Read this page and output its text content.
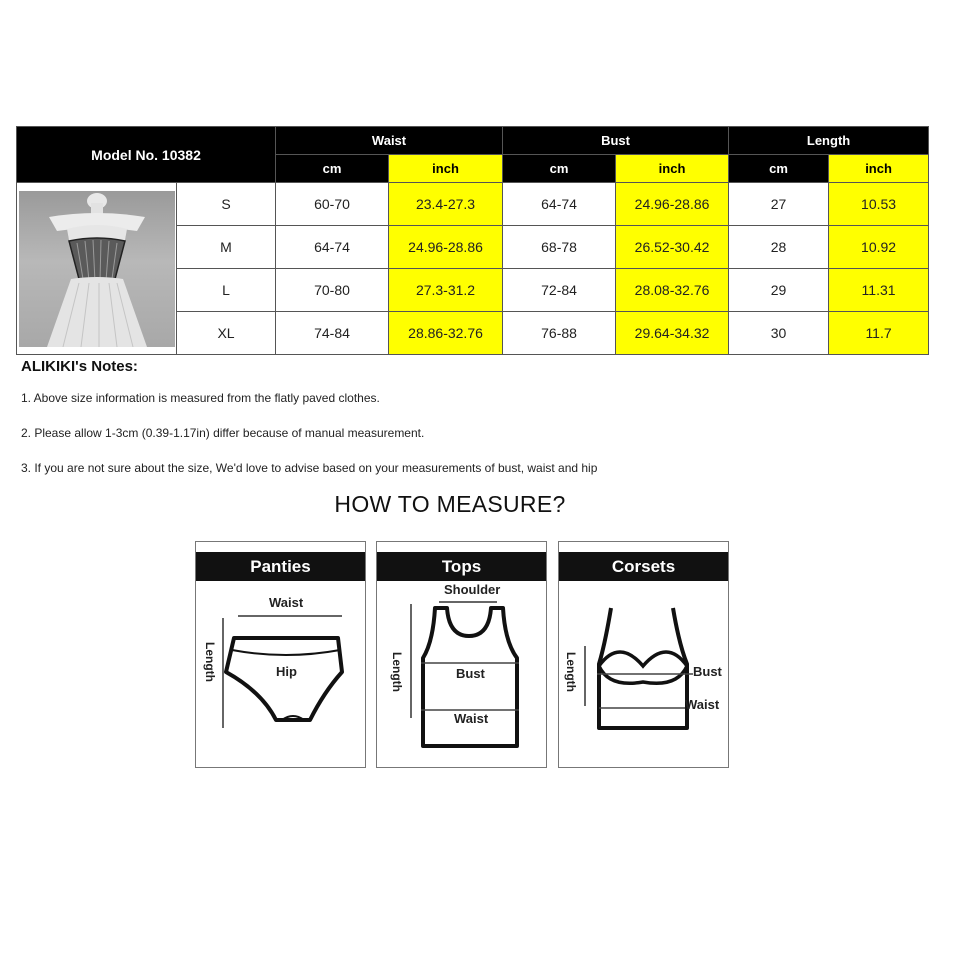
Model No. 10382		Waist		Bust		Length	
		cm	inch	cm	inch	cm	inch

	S	60-70	23.4-27.3	64-74	24.96-28.86	27	10.53
	M	64-74	24.96-28.86	68-78	26.52-30.42	28	10.92
	L	70-80	27.3-31.2	72-84	28.08-32.76	29	11.31
	XL	74-84	28.86-32.76	76-88	29.64-34.32	30	11.7
ALIKIKI's Notes:
1. Above size information is measured from the flatly paved clothes.
2. Please allow 1-3cm (0.39-1.17in) differ because of manual measurement.
3. If you are not sure about the size, We'd love to advise based on your measurements of bust, waist and hip
HOW TO MEASURE?
Panties
Waist
Hip
Length
Tops
Shoulder
Bust
Waist
Length
Corsets
Bust
Waist
Length
